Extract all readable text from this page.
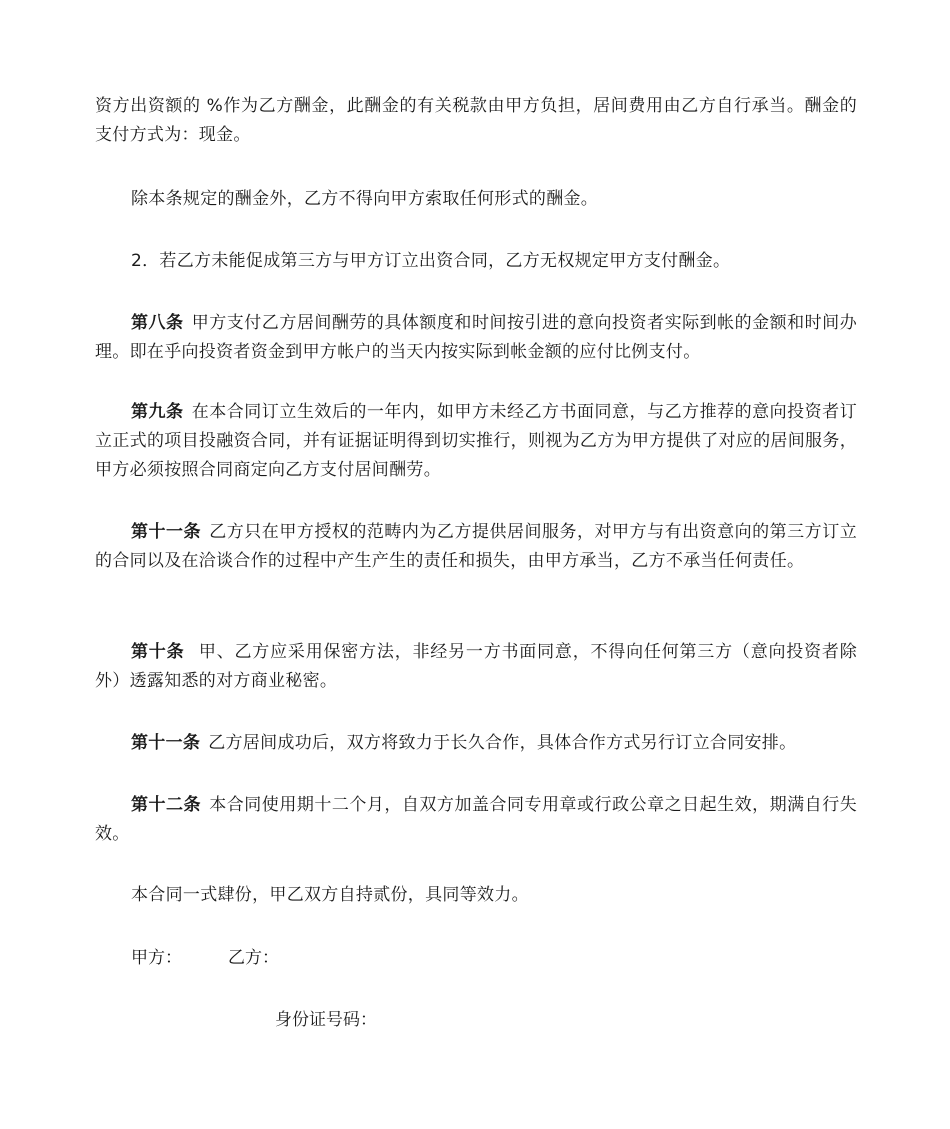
资方出资额的 %作为乙方酬金，此酬金的有关税款由甲方负担，居间费用由乙方自行承当。酬金的支付方式为：现金。

除本条规定的酬金外，乙方不得向甲方索取任何形式的酬金。

2．若乙方未能促成第三方与甲方订立出资合同，乙方无权规定甲方支付酬金。

第八条 甲方支付乙方居间酬劳的具体额度和时间按引进的意向投资者实际到帐的金额和时间办理。即在乎向投资者资金到甲方帐户的当天内按实际到帐金额的应付比例支付。

第九条 在本合同订立生效后的一年内，如甲方未经乙方书面同意，与乙方推荐的意向投资者订立正式的项目投融资合同，并有证据证明得到切实推行，则视为乙方为甲方提供了对应的居间服务，甲方必须按照合同商定向乙方支付居间酬劳。

第十一条 乙方只在甲方授权的范畴内为乙方提供居间服务，对甲方与有出资意向的第三方订立的合同以及在洽谈合作的过程中产生产生的责任和损失，由甲方承当，乙方不承当任何责任。

第十条 甲、乙方应采用保密方法，非经另一方书面同意，不得向任何第三方（意向投资者除外）透露知悉的对方商业秘密。

第十一条 乙方居间成功后，双方将致力于长久合作，具体合作方式另行订立合同安排。

第十二条 本合同使用期十二个月，自双方加盖合同专用章或行政公章之日起生效，期满自行失效。

本合同一式肆份，甲乙双方自持贰份，具同等效力。

甲方：	乙方：

身份证号码：
